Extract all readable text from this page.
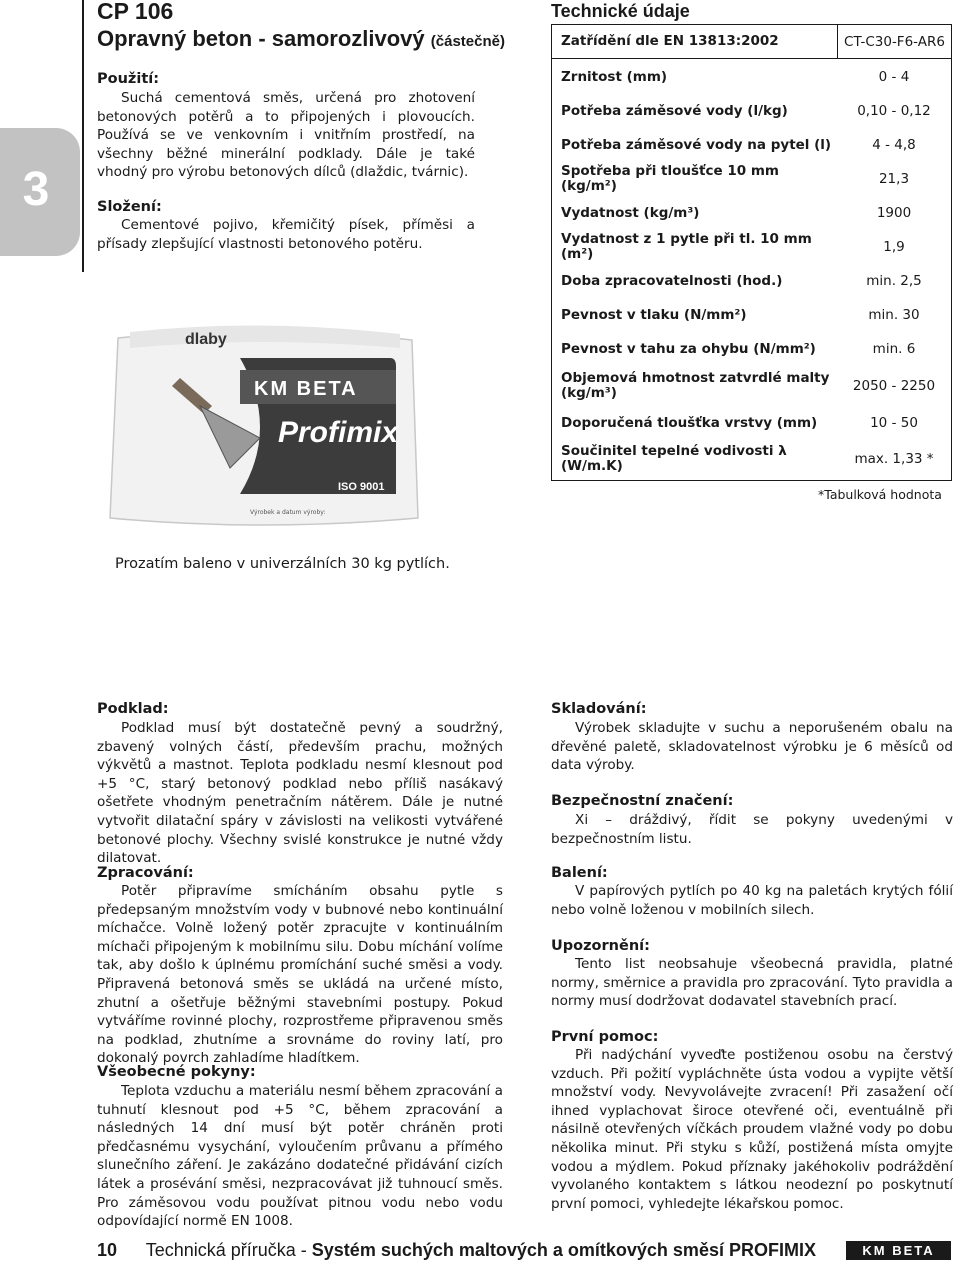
3
CP 106
Opravný beton - samorozlivový (částečně)
Použití:
Suchá cementová směs, určená pro zhotovení betonových potěrů a to připojených i plovoucích. Používá se ve venkovním i vnitřním prostředí, na všechny běžné minerální podklady. Dále je také vhodný pro výrobu betonových dílců (dlaždic, tvárnic).
Složení:
Cementové pojivo, křemičitý písek, příměsi a přísady zlepšující vlastnosti betonového potěru.
dlaby
KM BETA
Profimix
ISO 9001
Výrobek a datum výroby:
Prozatím baleno v univerzálních 30 kg pytlích.
Technické údaje
Zatřídění dle EN 13813:2002	CT-C30-F6-AR6
Zrnitost (mm)	0 - 4
Potřeba záměsové vody (l/kg)	0,10 - 0,12
Potřeba záměsové vody na pytel (l)	4 - 4,8
Spotřeba při tloušťce 10 mm (kg/m²)	21,3
Vydatnost (kg/m³)	1900
Vydatnost z 1 pytle při tl. 10 mm (m²)	1,9
Doba zpracovatelnosti (hod.)	min. 2,5
Pevnost v tlaku (N/mm²)	min. 30
Pevnost v tahu za ohybu (N/mm²)	min. 6
Objemová hmotnost zatvrdlé malty (kg/m³)	2050 - 2250
Doporučená tloušťka vrstvy (mm)	10 - 50
Součinitel tepelné vodivosti λ (W/m.K)	max. 1,33 *
*Tabulková hodnota
Podklad:
Podklad musí být dostatečně pevný a soudržný, zbavený volných částí, především prachu, možných výkvětů a mastnot. Teplota podkladu nesmí klesnout pod +5 °C, starý betonový podklad nebo příliš nasákavý ošetřete vhodným penetračním nátěrem. Dále je nutné vytvořit dilatační spáry v závislosti na velikosti vytvářené betonové plochy. Všechny svislé konstrukce je nutné vždy dilatovat.
Zpracování:
Potěr připravíme smícháním obsahu pytle s předepsaným množstvím vody v bubnové nebo kontinuální míchačce. Volně ložený potěr zpracujte v kontinuálním míchači připojeným k mobilnímu silu. Dobu míchání volíme tak, aby došlo k úplnému promíchání suché směsi a vody. Připravená betonová směs se ukládá na určené místo, zhutní a ošetřuje běžnými stavebními postupy. Pokud vytváříme rovinné plochy, rozprostřeme připravenou směs na podklad, zhutníme a srovnáme do roviny latí, pro dokonalý povrch zahladíme hladítkem.
Všeobecné pokyny:
Teplota vzduchu a materiálu nesmí během zpracování a tuhnutí klesnout pod +5 °C, během zpracování a následných 14 dní musí být potěr chráněn proti předčasnému vysychání, vyloučením průvanu a přímého slunečního záření. Je zakázáno dodatečné přidávání cizích látek a prosévání směsi, nezpracovávat již tuhnoucí směs. Pro záměsovou vodu používat pitnou vodu nebo vodu odpovídající normě EN 1008.
Skladování:
Výrobek skladujte v suchu a neporušeném obalu na dřevěné paletě, skladovatelnost výrobku je 6 měsíců od data výroby.
Bezpečnostní značení:
Xi – dráždivý, řídit se pokyny uvedenými v bezpečnostním listu.
Balení:
V papírových pytlích po 40 kg na paletách krytých fólií nebo volně loženou v mobilních silech.
Upozornění:
Tento list neobsahuje všeobecná pravidla, platné normy, směrnice a pravidla pro zpracování. Tyto pravidla a normy musí dodržovat dodavatel stavebních prací.
První pomoc:
Při nadýchání vyveďte postiženou osobu na čerstvý vzduch. Při požití vypláchněte ústa vodou a vypijte větší množství vody. Nevyvolávejte zvracení! Při zasažení očí ihned vyplachovat široce otevřené oči, eventuálně při násilně otevřených víčkách proudem vlažné vody po dobu několika minut. Při styku s kůží, postižená místa omyjte vodou a mýdlem. Pokud příznaky jakéhokoliv podráždění vyvolaného kontaktem s látkou neodezní po poskytnutí první pomoci, vyhledejte lékařskou pomoc.
10 Technická příručka - Systém suchých maltových a omítkových směsí PROFIMIX	KM BETA
